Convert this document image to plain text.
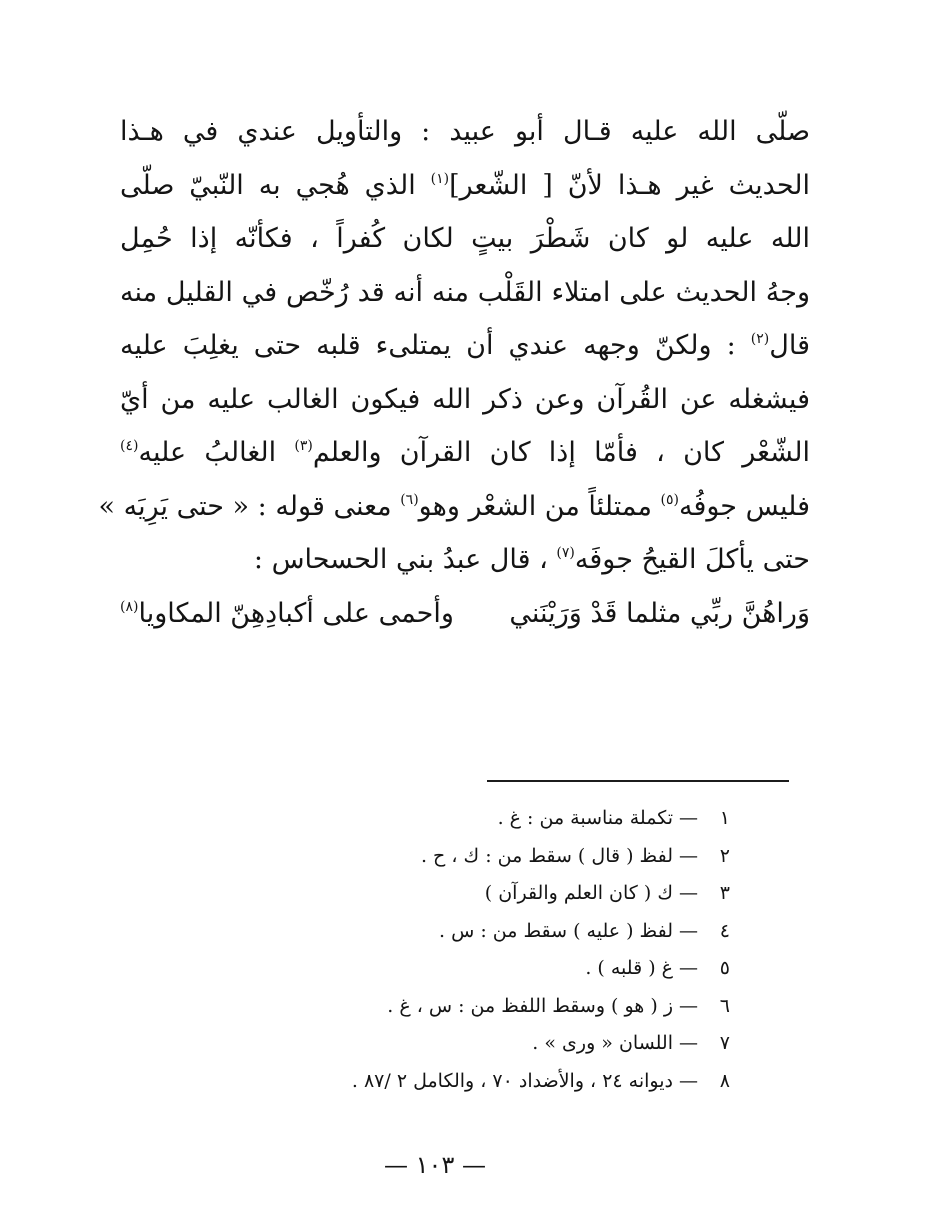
صلّى الله عليه قـال أبو عبيد : والتأويل عندي في هـذا
الحديث غير هـذا لأنّ [ الشّعر]$^{(١)}$ الذي هُجي به النّبيّ صلّى
الله عليه لو كان شَطْرَ بيتٍ لكان كُفراً ، فكأنّه إذا حُمِل
وجهُ الحديث على امتلاء القَلْب منه أنه قد رُخّص في القليل منه
قال$^{(٢)}$ : ولكنّ وجهه عندي أن يمتلىء قلبه حتى يغلِبَ عليه
فيشغله عن القُرآن وعن ذكر الله فيكون الغالب عليه من أيّ
الشّعْر كان ، فأمّا إذا كان القرآن والعلم$^{(٣)}$ الغالبُ عليه$^{(٤)}$
فليس جوفُه$^{(٥)}$ ممتلئاً من الشعْر وهو$^{(٦)}$ معنى قوله : « حتى يَرِيَه »
حتى يأكلَ القيحُ جوفَه$^{(٧)}$ ، قال عبدُ بني الحسحاس :
وَراهُنَّ ربِّي مثلما قَدْ وَرَيْنَني
وأحمى على أكبادِهِنّ المكاويا$^{(٨)}$
١—تكملة مناسبة من : غ .
٢—لفظ ( قال ) سقط من : ك ، ح .
٣—ك ( كان العلم والقرآن )
٤—لفظ ( عليه ) سقط من : س .
٥—غ ( قلبه ) .
٦—ز ( هو ) وسقط اللفظ من : س ، غ .
٧—اللسان « ورى » .
٨—ديوانه ٢٤ ، والأضداد ٧٠ ، والكامل ٢ /٨٧ .
— ١٠٣ —
